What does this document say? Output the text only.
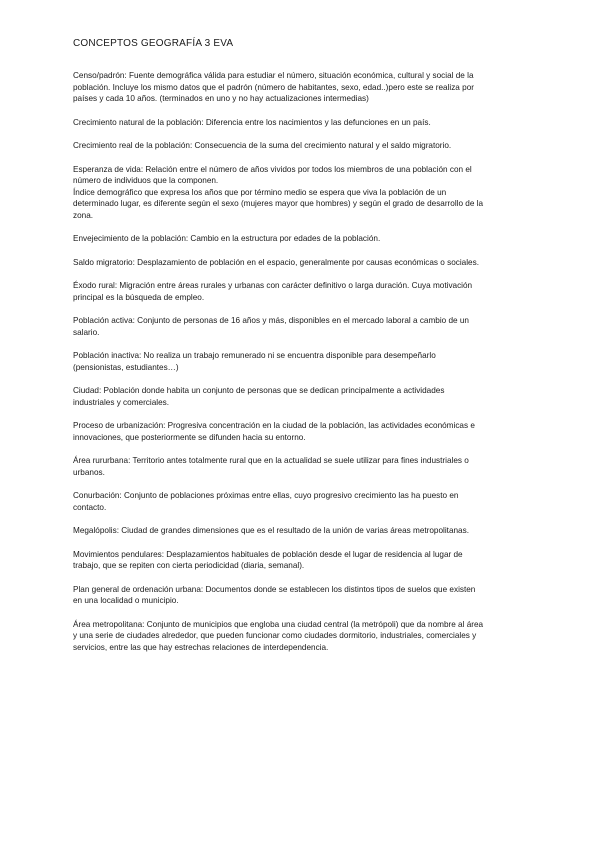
CONCEPTOS GEOGRAFÍA 3 EVA

Censo/padrón: Fuente demográfica válida para estudiar el número, situación económica, cultural y social de la
población. Incluye los mismo datos que el padrón (número de habitantes, sexo, edad..)pero este se realiza por
países y cada 10 años. (terminados en uno y no hay actualizaciones intermedias)

Crecimiento natural de la población: Diferencia entre los nacimientos y las defunciones en un país.

Crecimiento real de la población: Consecuencia de la suma del crecimiento natural y el saldo migratorio.

Esperanza de vida: Relación entre el número de años vividos por todos los miembros de una población con el
número de individuos que la componen.
Índice demográfico que expresa los años que por término medio se espera que viva la población de un
determinado lugar, es diferente según el sexo (mujeres mayor que hombres) y según el grado de desarrollo de la
zona.

Envejecimiento de la población: Cambio en la estructura por edades de la población.

Saldo migratorio: Desplazamiento de población en el espacio, generalmente por causas económicas o sociales.

Éxodo rural: Migración entre áreas rurales y urbanas con carácter definitivo o larga duración. Cuya motivación
principal es la búsqueda de empleo.

Población activa: Conjunto de personas de 16 años y más, disponibles en el mercado laboral a cambio de un
salario.

Población inactiva: No realiza un trabajo remunerado ni se encuentra disponible para desempeñarlo
(pensionistas, estudiantes…)

Ciudad: Población donde habita un conjunto de personas que se dedican principalmente a actividades
industriales y comerciales.

Proceso de urbanización: Progresiva concentración en la ciudad de la población, las actividades económicas e
innovaciones, que posteriormente se difunden hacia su entorno.

Área rururbana: Territorio antes totalmente rural que en la actualidad se suele utilizar para fines industriales o
urbanos.

Conurbación: Conjunto de poblaciones próximas entre ellas, cuyo progresivo crecimiento las ha puesto en
contacto.

Megalópolis: Ciudad de grandes dimensiones que es el resultado de la unión de varias áreas metropolitanas.

Movimientos pendulares: Desplazamientos habituales de población desde el lugar de residencia al lugar de
trabajo, que se repiten con cierta periodicidad (diaria, semanal).

Plan general de ordenación urbana: Documentos donde se establecen los distintos tipos de suelos que existen
en una localidad o municipio.

Área metropolitana: Conjunto de municipios que engloba una ciudad central (la metrópoli) que da nombre al área
y una serie de ciudades alrededor, que pueden funcionar como ciudades dormitorio, industriales, comerciales y
servicios, entre las que hay estrechas relaciones de interdependencia.
